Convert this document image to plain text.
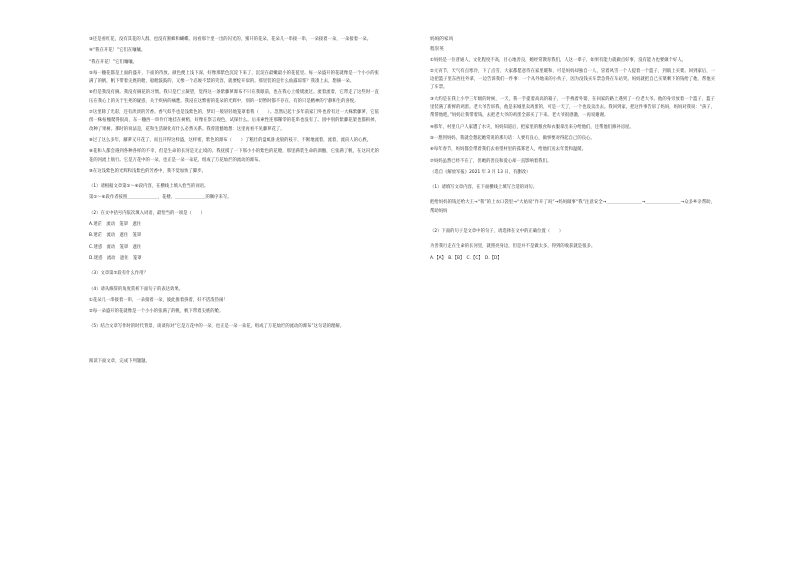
③还是看红花，没有其花的人群，也没有蜜蜂和蝴蝶。再看那个里一出的闪光的，蜜开的花朵。花朵儿一串接一串，一朵接着一朵，一朵接着一朵。

④“我在开花！”它们在嚷嚷。

“我在开花！”它们嚷嚷。

⑤每一穗花都是上面的盛开，下面的待放。颜色便上浅下深，好像那紫色沉淀下来了，沉淀在最嫩最小的花苞里。每一朵盛开的花就像是一个小小的张满了的帆，帆下带着尖底的舱，船舱鼓鼓的，又像一个忍俊不禁的笑容，就要绽开似的。那里装的是什么仙露琼浆？我凑上去，想摘一朵。

⑥但是我没有摘。我没有摘花的习惯。我只是伫立凝望，觉得这一条紫藤萝瀑布不只在我眼前，也在我心上缓缓流过。流着流着，它带走了这些时一直压在我心上的关于生死的疑惑，关于疾病的痛楚。我浸在这繁密的花朵的光辉中，别的一切暂时都不存在，有的只是精神的宁静和生的喜悦。

⑦这里除了光彩，还有淡淡的芳香。香气似乎也是浅紫色的，梦幻一般轻轻地笼罩着我（　　）。忽然记起十多年前家门外也曾有过一大株紫藤萝，它依傍一株枯槐爬得很高，东一穗西一串伶仃地挂在树梢，好像在察言观色，试探什么。后来索性连那稀零的花串也没有了。园中别的紫藤花架也都拆掉，改种了果树。那时的说法是，花和生活腐化有什么必然关系。我曾遗憾地想：这里再看不见藤萝花了。

⑧过了这么多年，藤萝又开花了，而且开得这样盛，这样密，紫色的瀑布（　　）了粗壮的盘虬卧龙般的枝干，不断地流着，流着，流向人的心底。

⑨花和人都会遇到各种各样的不幸，但是生命的长河是无止境的。我抚摸了一下那小小的紫色的花舱，那里满装生命的酒酿，它张满了帆，在这闪光的花的河流上航行。它是万花中的一朵，也正是一朵一朵花，组成了万花灿烂的流动的瀑布。

⑩在这浅紫色的光辉和浅紫色的芳香中，我不觉加快了脚步。

（1）请根据文章第①～⑥段内容，在横线上填入恰当的词语。

第①～⑥段作者按照＿＿＿＿＿＿＿、花楼、＿＿＿＿＿＿＿的顺序来写。

（2）在文中括号内依次填入词语，最恰当的一项是（　　）

A.迷茫　流动　笼罩　遮住

B.迷茫　流动　遮住　笼罩

C.迷惑　流动　笼罩　遮住

D.迷惑　流动　遮住　笼罩

（3）文章第⑦段有什么作用？

（4）请从修辞的角度赏析下面句子的表达效果。

①花朵儿一串接着一串，一朵接着一朵，彼此推着挤着，好不活泼热闹！

②每一朵盛开的花就像是一个小小的张满了的帆，帆下带着尖底的舱。

（5）结合文章写作时的时代背景，谈谈你对“它是万花中的一朵，也正是一朵一朵花，组成了万花灿烂的流动的瀑布”这句话的理解。

阅读下面文章，完成下列题题。

妈妈的家风

程崇英

①妈妈是一位普通人，文化程度不高，目心地善良，她经常教育我们，人这一辈子，如果有能力就做点好事，没有能力也要做个好人。

②元宵节，天气有点寒冷，下了点雪，大家都愿意待在家里暖和，可是妈妈却独自一人，冒着风雪一个人提着一个篮子，到镇上买菜。回到家后，一边把篮子里东西往外拿，一边告诉我们一件事：一个从外地来的小伙子，因为没钱买车票急得在车站哭。妈妈就把自己买菜剩下的钱给了他，帮他买了车票。

③大约是在我上小学三年级的时候，一天，我一手提着高高的箱子，一手拽着外婆，在回家的路上遇到了一位老大爷。他的身旁放着一个篮子，篮子里装满了新鲜的鸡蛋。老大爷告诉我，他是来城里卖鸡蛋的，可是一天了，一个也没卖出去。我回到家，把这件事告诉了妈妈，妈妈对我说：“孩子，帮帮他吧。”妈妈让我带着钱，去把老大爷的鸡蛋全部买了下来。老大爷很感激，一再说谢谢。

④那年，村里几户人家遭了水灾，妈妈知道后，把家里的粮食和衣服拿出来分给他们，还帮他们修补房屋。

⑤一想到妈妈，我就会想起她常说的那句话：人要有良心，做事要对得起自己的良心。

⑥每年春节，妈妈都会带着我们去看望村里的孤寡老人，给他们送去年货和温暖。

⑦妈妈虽然已经不在了，但她的善良和爱心却一直影响着我们。

（选自《解放军报》2021 年 3 月 13 日，有删改）

（1）请填写文章内容，在下面横线上填写合适的词句。

把给妈妈的钱还给大王→“我”的上衣口袋里→“大姑说“作开了吗”→妈妈做事“我”注意安全→＿＿＿＿＿＿＿＿→＿＿＿＿＿＿＿＿→众多乡亲帮助，帮助妈妈

（2）下面的句子是文章中的句子，请选择在文中的正确位置（　　）

为善我行走在生命的长河里，就照亮身边，但是并不是做太多，得到的收获就是很多。

A.【A】　B.【B】　C.【C】　D.【D】
